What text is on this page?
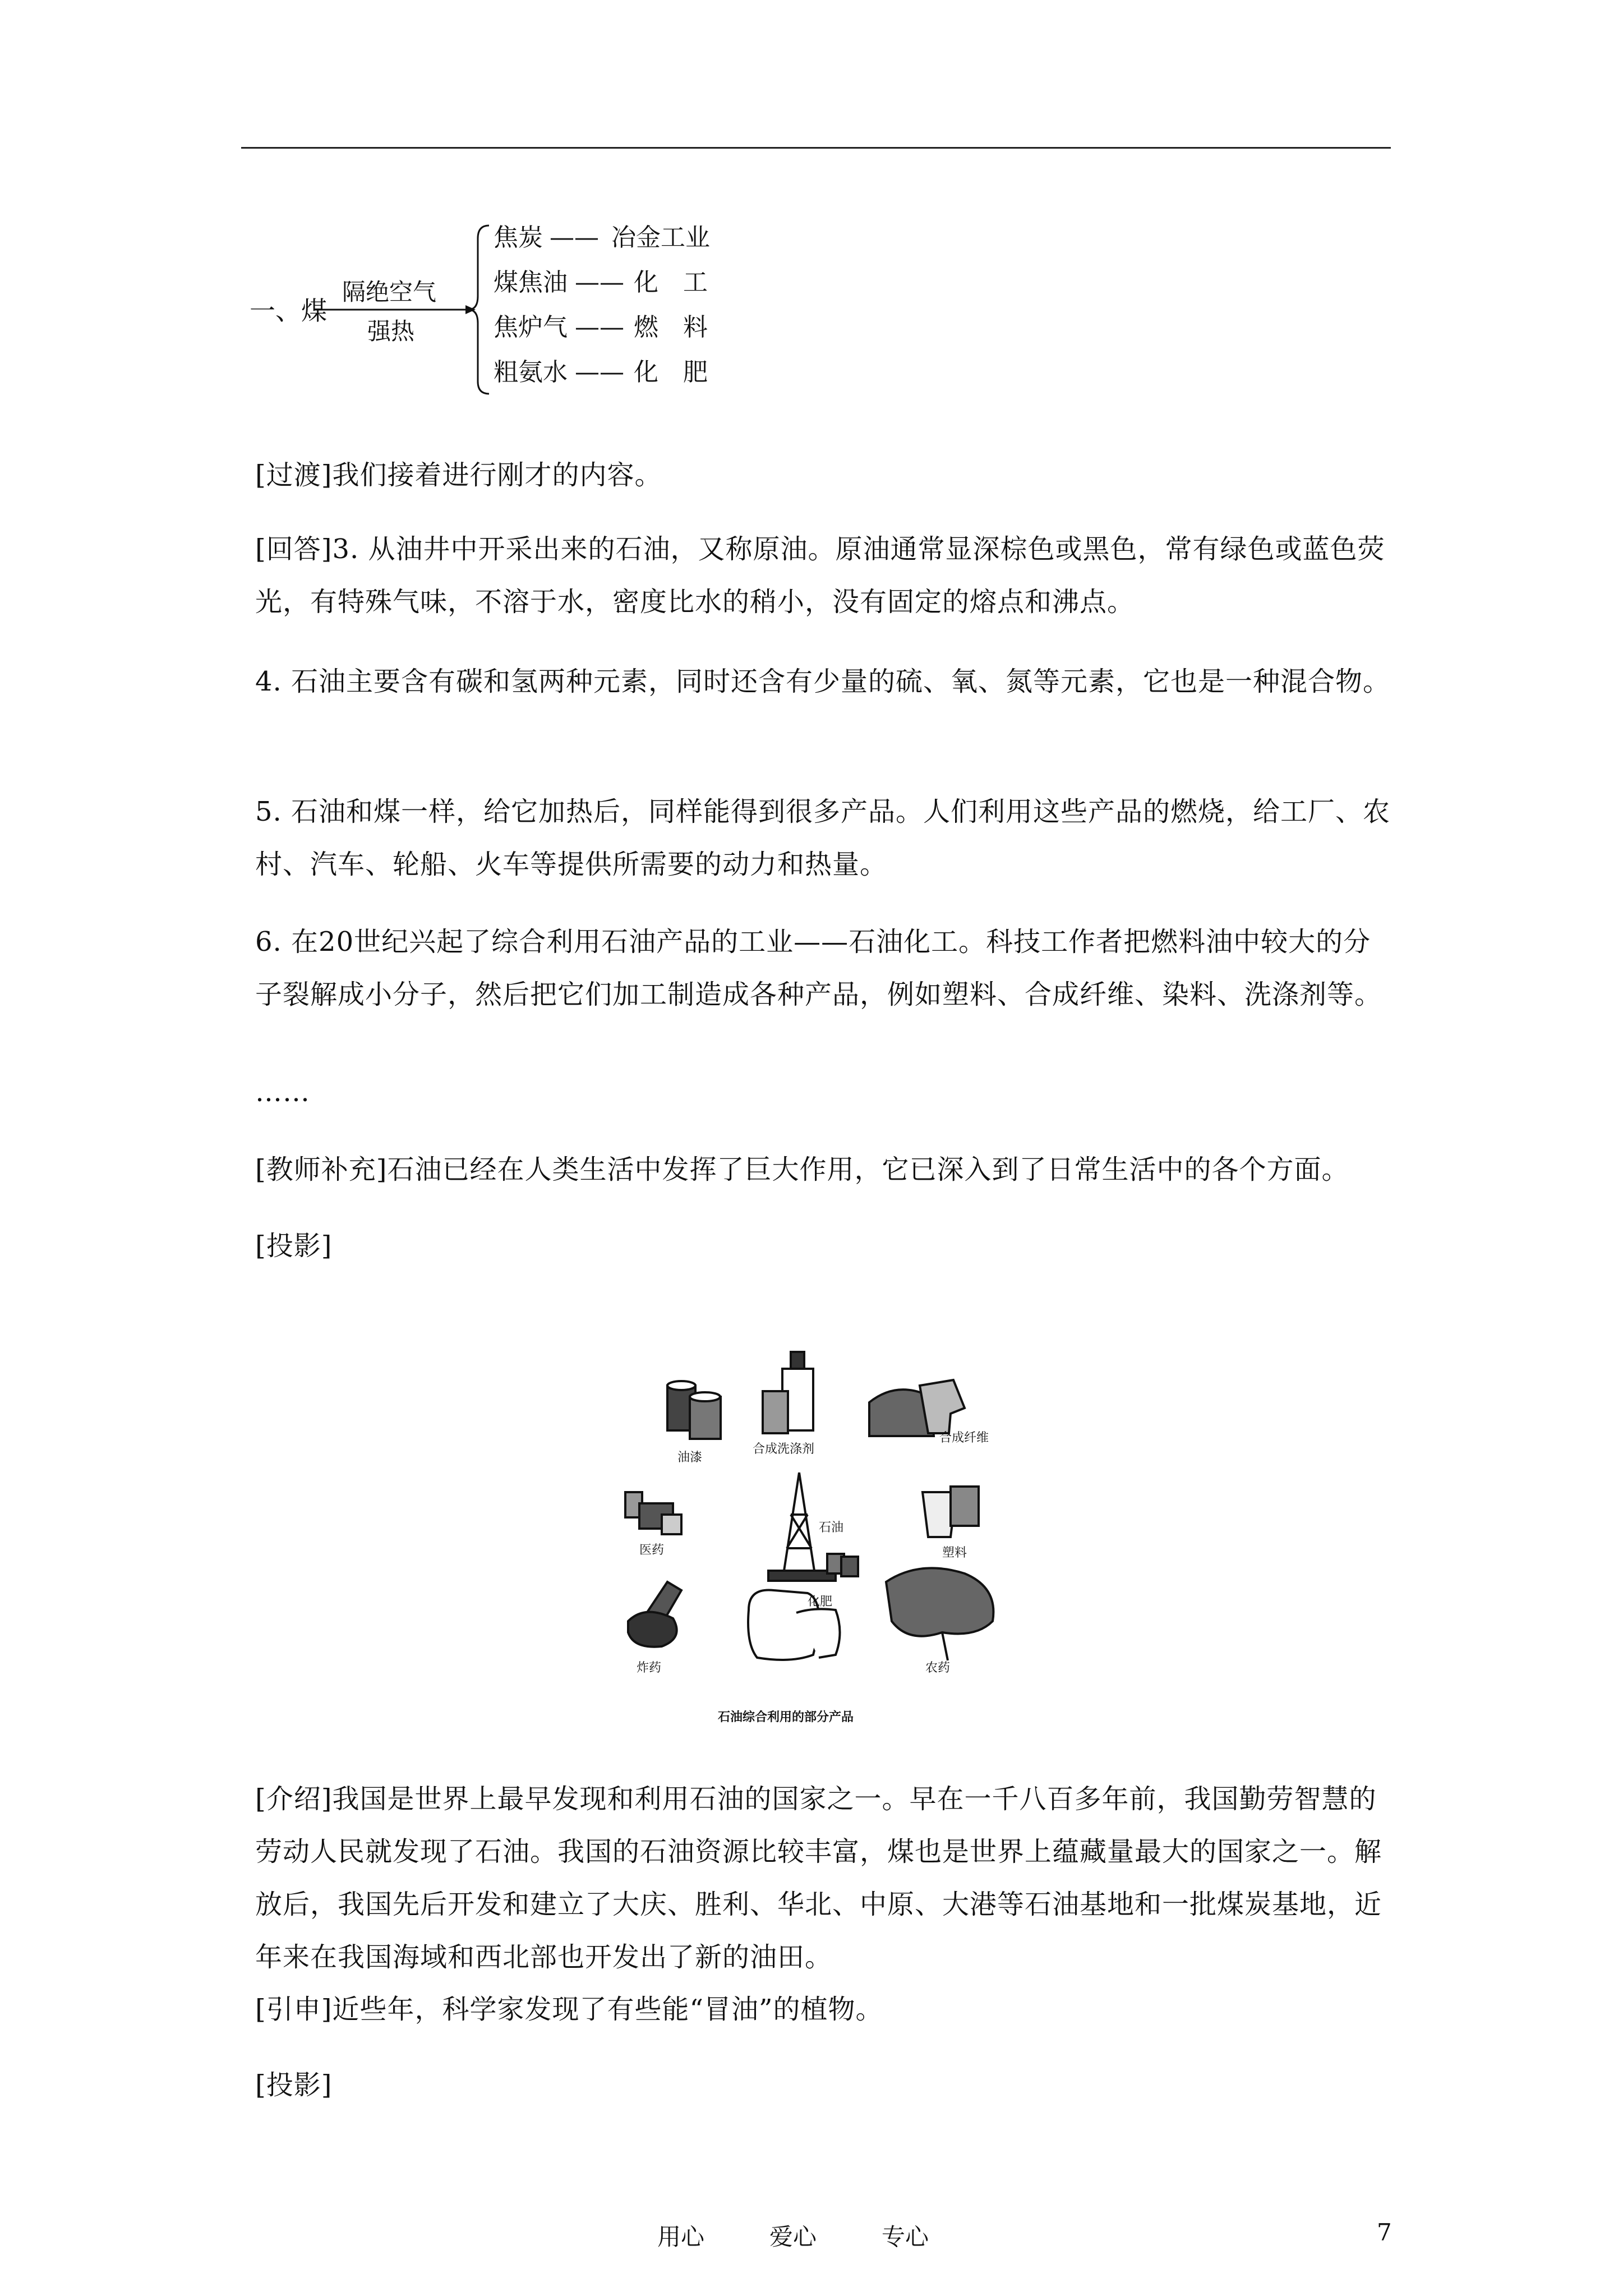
一、煤
隔绝空气
强热
焦炭 —— 冶金工业
煤焦油 —— 化　工
焦炉气 —— 燃　料
粗氨水 —— 化　肥

[过渡]我们接着进行刚才的内容。

[回答]3. 从油井中开采出来的石油，又称原油。原油通常显深棕色或黑色，常有绿色或蓝色荧光，有特殊气味，不溶于水，密度比水的稍小，没有固定的熔点和沸点。

4. 石油主要含有碳和氢两种元素，同时还含有少量的硫、氧、氮等元素，它也是一种混合物。

5. 石油和煤一样，给它加热后，同样能得到很多产品。人们利用这些产品的燃烧，给工厂、农村、汽车、轮船、火车等提供所需要的动力和热量。

6. 在20世纪兴起了综合利用石油产品的工业——石油化工。科技工作者把燃料油中较大的分子裂解成小分子，然后把它们加工制造成各种产品，例如塑料、合成纤维、染料、洗涤剂等。

……

[教师补充]石油已经在人类生活中发挥了巨大作用，它已深入到了日常生活中的各个方面。

[投影]

油漆
合成洗涤剂
合成纤维
医药
石油
塑料
炸药
化肥
农药
石油综合利用的部分产品

[介绍]我国是世界上最早发现和利用石油的国家之一。早在一千八百多年前，我国勤劳智慧的劳动人民就发现了石油。我国的石油资源比较丰富，煤也是世界上蕴藏量最大的国家之一。解放后，我国先后开发和建立了大庆、胜利、华北、中原、大港等石油基地和一批煤炭基地，近年来在我国海域和西北部也开发出了新的油田。

[引申]近些年，科学家发现了有些能“冒油”的植物。

[投影]

用心	爱心	专心	7
